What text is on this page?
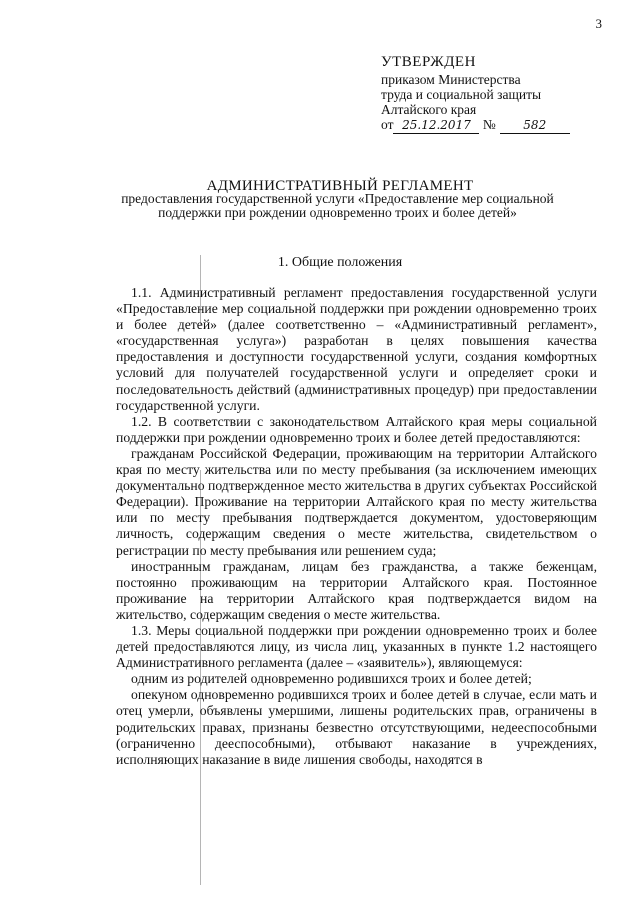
3
УТВЕРЖДЕН
приказом Министерства
труда и социальной защиты
Алтайского края
от 25.12.2017 № 582
АДМИНИСТРАТИВНЫЙ РЕГЛАМЕНТ
предоставления государственной услуги «Предоставление мер социальной поддержки при рождении одновременно троих и более детей»
1. Общие положения

1.1. Административный регламент предоставления государственной услуги «Предоставление мер социальной поддержки при рождении одновременно троих и более детей» (далее соответственно – «Административный регламент», «государственная услуга») разработан в целях повышения качества предоставления и доступности государственной услуги, создания комфортных условий для получателей государственной услуги и определяет сроки и последовательность действий (административных процедур) при предоставлении государственной услуги.

1.2. В соответствии с законодательством Алтайского края меры социальной поддержки при рождении одновременно троих и более детей предоставляются:

гражданам Российской Федерации, проживающим на территории Алтайского края по месту жительства или по месту пребывания (за исключением имеющих документально подтвержденное место жительства в других субъектах Российской Федерации). Проживание на территории Алтайского края по месту жительства или по месту пребывания подтверждается документом, удостоверяющим личность, содержащим сведения о месте жительства, свидетельством о регистрации по месту пребывания или решением суда;

иностранным гражданам, лицам без гражданства, а также беженцам, постоянно проживающим на территории Алтайского края. Постоянное проживание на территории Алтайского края подтверждается видом на жительство, содержащим сведения о месте жительства.

1.3. Меры социальной поддержки при рождении одновременно троих и более детей предоставляются лицу, из числа лиц, указанных в пункте 1.2 настоящего Административного регламента (далее – «заявитель»), являющемуся:

одним из родителей одновременно родившихся троих и более детей;

опекуном одновременно родившихся троих и более детей в случае, если мать и отец умерли, объявлены умершими, лишены родительских прав, ограничены в родительских правах, признаны безвестно отсутствующими, недееспособными (ограниченно дееспособными), отбывают наказание в учреждениях, исполняющих наказание в виде лишения свободы, находятся в
